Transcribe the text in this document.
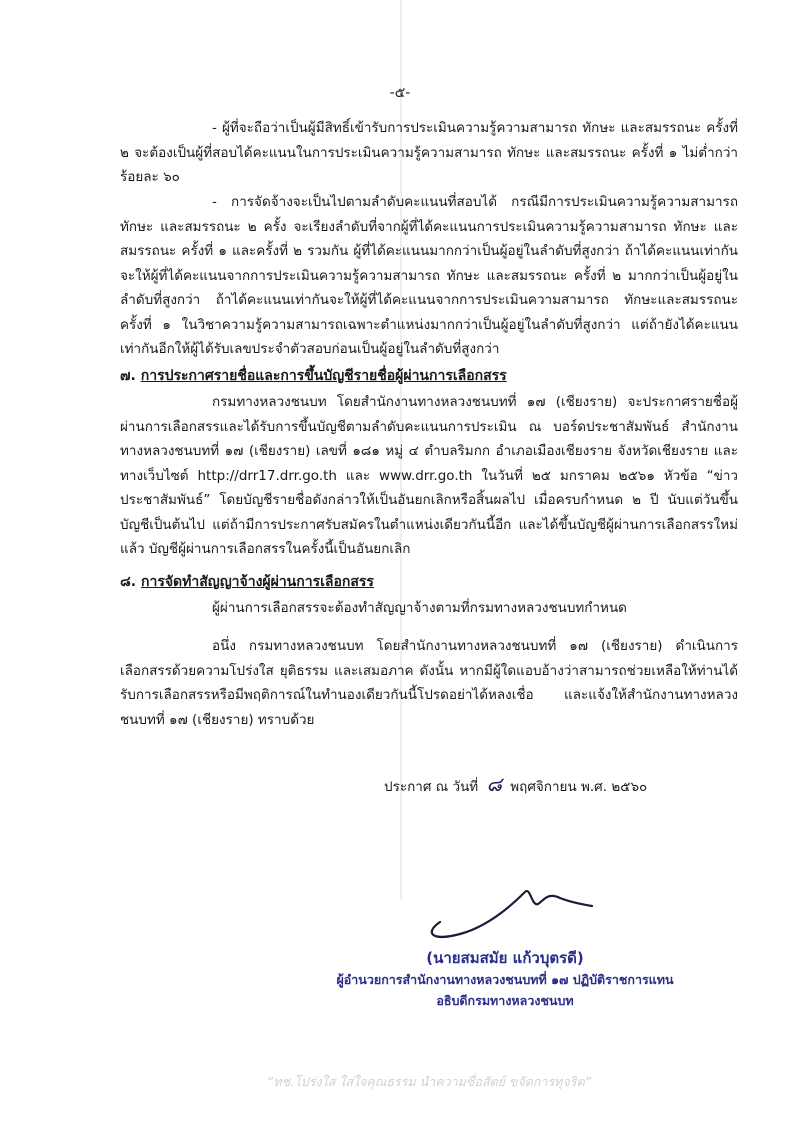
-๕-

- ผู้ที่จะถือว่าเป็นผู้มีสิทธิ์เข้ารับการประเมินความรู้ความสามารถ ทักษะ และสมรรถนะ ครั้งที่ ๒ จะต้องเป็นผู้ที่สอบได้คะแนนในการประเมินความรู้ความสามารถ ทักษะ และสมรรถนะ ครั้งที่ ๑ ไม่ต่ำกว่าร้อยละ ๖๐

- การจัดจ้างจะเป็นไปตามลำดับคะแนนที่สอบได้ กรณีมีการประเมินความรู้ความสามารถ ทักษะ และสมรรถนะ ๒ ครั้ง จะเรียงลำดับที่จากผู้ที่ได้คะแนนการประเมินความรู้ความสามารถ ทักษะ และสมรรถนะ ครั้งที่ ๑ และครั้งที่ ๒ รวมกัน ผู้ที่ได้คะแนนมากกว่าเป็นผู้อยู่ในลำดับที่สูงกว่า ถ้าได้คะแนนเท่ากันจะให้ผู้ที่ได้คะแนนจากการประเมินความรู้ความสามารถ ทักษะ และสมรรถนะ ครั้งที่ ๒ มากกว่าเป็นผู้อยู่ในลำดับที่สูงกว่า ถ้าได้คะแนนเท่ากันจะให้ผู้ที่ได้คะแนนจากการประเมินความสามารถ ทักษะและสมรรถนะ ครั้งที่ ๑ ในวิชาความรู้ความสามารถเฉพาะตำแหน่งมากกว่าเป็นผู้อยู่ในลำดับที่สูงกว่า แต่ถ้ายังได้คะแนนเท่ากันอีกให้ผู้ได้รับเลขประจำตัวสอบก่อนเป็นผู้อยู่ในลำดับที่สูงกว่า

๗. การประกาศรายชื่อและการขึ้นบัญชีรายชื่อผู้ผ่านการเลือกสรร

กรมทางหลวงชนบท โดยสำนักงานทางหลวงชนบทที่ ๑๗ (เชียงราย) จะประกาศรายชื่อผู้ผ่านการเลือกสรรและได้รับการขึ้นบัญชีตามลำดับคะแนนการประเมิน ณ บอร์ดประชาสัมพันธ์ สำนักงานทางหลวงชนบทที่ ๑๗ (เชียงราย) เลขที่ ๑๘๑ หมู่ ๔ ตำบลริมกก อำเภอเมืองเชียงราย จังหวัดเชียงราย และทางเว็บไซต์ http://drr17.drr.go.th และ www.drr.go.th ในวันที่ ๒๕ มกราคม ๒๕๖๑ หัวข้อ “ข่าวประชาสัมพันธ์” โดยบัญชีรายชื่อดังกล่าวให้เป็นอันยกเลิกหรือสิ้นผลไป เมื่อครบกำหนด ๒ ปี นับแต่วันขึ้นบัญชีเป็นต้นไป แต่ถ้ามีการประกาศรับสมัครในตำแหน่งเดียวกันนี้อีก และได้ขึ้นบัญชีผู้ผ่านการเลือกสรรใหม่แล้ว บัญชีผู้ผ่านการเลือกสรรในครั้งนี้เป็นอันยกเลิก

๘. การจัดทำสัญญาจ้างผู้ผ่านการเลือกสรร

ผู้ผ่านการเลือกสรรจะต้องทำสัญญาจ้างตามที่กรมทางหลวงชนบทกำหนด

อนึ่ง กรมทางหลวงชนบท โดยสำนักงานทางหลวงชนบทที่ ๑๗ (เชียงราย) ดำเนินการเลือกสรรด้วยความโปร่งใส ยุติธรรม และเสมอภาค ดังนั้น หากมีผู้ใดแอบอ้างว่าสามารถช่วยเหลือให้ท่านได้รับการเลือกสรรหรือมีพฤติการณ์ในทำนองเดียวกันนี้โปรดอย่าได้หลงเชื่อ และแจ้งให้สำนักงานทางหลวงชนบทที่ ๑๗ (เชียงราย) ทราบด้วย

ประกาศ ณ วันที่ ๘ พฤศจิกายน พ.ศ. ๒๕๖๐

(นายสมสมัย แก้วบุตรดี)

ผู้อำนวยการสำนักงานทางหลวงชนบทที่ ๑๗ ปฏิบัติราชการแทน

อธิบดีกรมทางหลวงชนบท

“ทช.โปร่งใส ใส่ใจคุณธรรม นำความซื่อสัตย์ ขจัดการทุจริต”
